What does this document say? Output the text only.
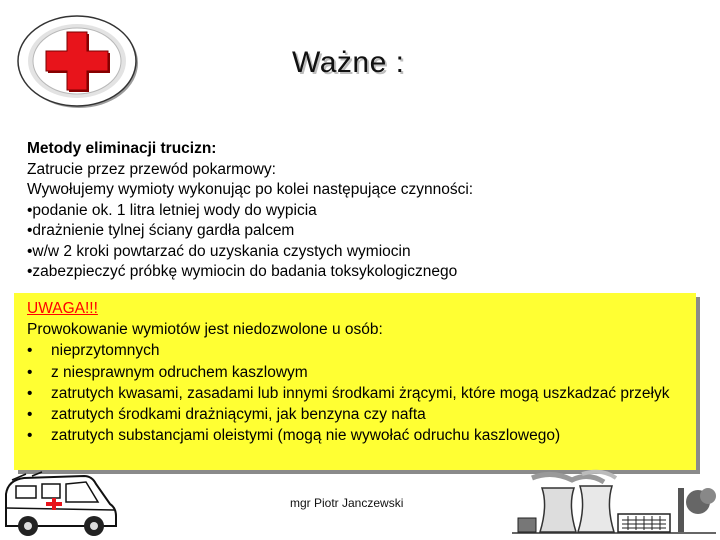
Ważne :
Metody eliminacji trucizn:
Zatrucie przez przewód pokarmowy:
Wywołujemy wymioty wykonując po kolei następujące czynności:
•podanie ok. 1 litra letniej wody do wypicia
•drażnienie tylnej ściany gardła palcem
•w/w 2 kroki powtarzać do uzyskania czystych wymiocin
•zabezpieczyć próbkę wymiocin do badania toksykologicznego
UWAGA!!!
Prowokowanie wymiotów jest niedozwolone u osób:
• nieprzytomnych
• z niesprawnym odruchem kaszlowym
• zatrutych kwasami, zasadami lub innymi środkami żrącymi, które mogą uszkadzać przełyk
• zatrutych środkami drażniącymi, jak benzyna czy nafta
• zatrutych substancjami oleistymi (mogą nie wywołać odruchu kaszlowego)
mgr Piotr Janczewski
